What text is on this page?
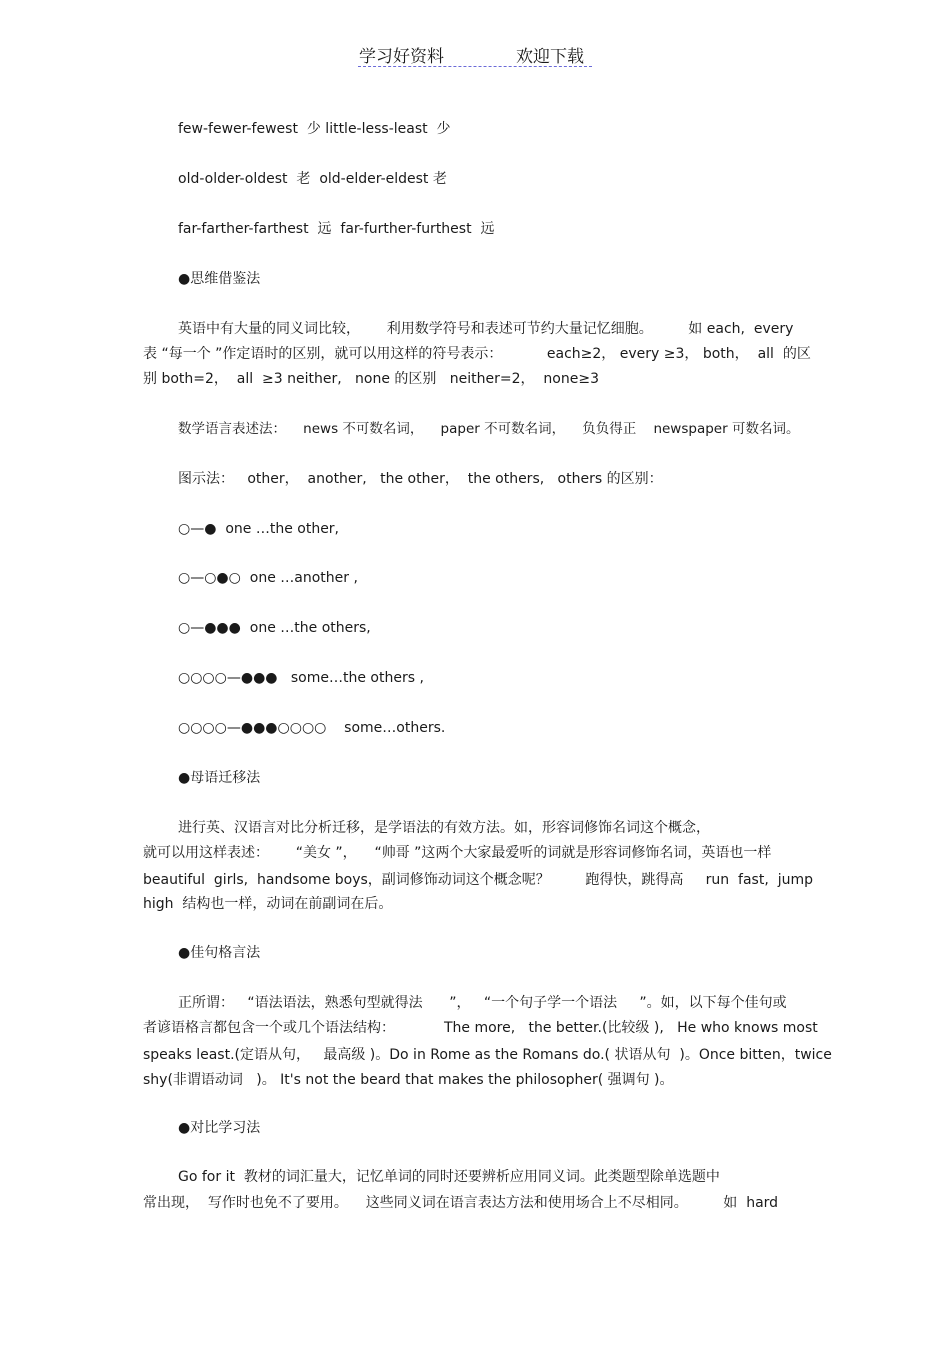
学习好资料	欢迎下载
few-fewer-fewest  少 little-less-least  少
old-older-oldest  老  old-elder-eldest 老
far-farther-farthest  远  far-further-furthest  远
●思维借鉴法
英语中有大量的同义词比较，      利用数学符号和表述可节约大量记忆细胞。        如 each,  every
表 “每一个 ”作定语时的区别，就可以用这样的符号表示：          each≥2， every ≥3， both，  all  的区
别 both=2，  all  ≥3 neither,   none 的区别   neither=2，  none≥3
数学语言表述法：    news 不可数名词，    paper 不可数名词，    负负得正    newspaper 可数名词。
图示法：   other，  another,   the other，  the others,   others 的区别：
○—●  one …the other,
○—○●○  one …another ,
○—●●●  one …the others,
○○○○—●●●   some…the others ,
○○○○—●●●○○○○    some…others.
●母语迁移法
进行英、汉语言对比分析迁移，是学语法的有效方法。如，形容词修饰名词这个概念，
就可以用这样表述：      “美女 ”，    “帅哥 ”这两个大家最爱听的词就是形容词修饰名词，英语也一样
beautiful  girls,  handsome boys，副词修饰动词这个概念呢？        跑得快，跳得高     run  fast,  jump
high  结构也一样，动词在前副词在后。
●佳句格言法
正所谓：   “语法语法，熟悉句型就得法      ”，   “一个句子学一个语法     ”。如，以下每个佳句或
者谚语格言都包含一个或几个语法结构：           The more,   the better.(比较级 ),   He who knows most
speaks least.(定语从句，   最高级 )。Do in Rome as the Romans do.( 状语从句  )。Once bitten，twice
shy(非谓语动词   )。 It's not the beard that makes the philosopher( 强调句 )。
●对比学习法
Go for it  教材的词汇量大，记忆单词的同时还要辨析应用同义词。此类题型除单选题中
常出现，  写作时也免不了要用。    这些同义词在语言表达方法和使用场合上不尽相同。        如  hard
